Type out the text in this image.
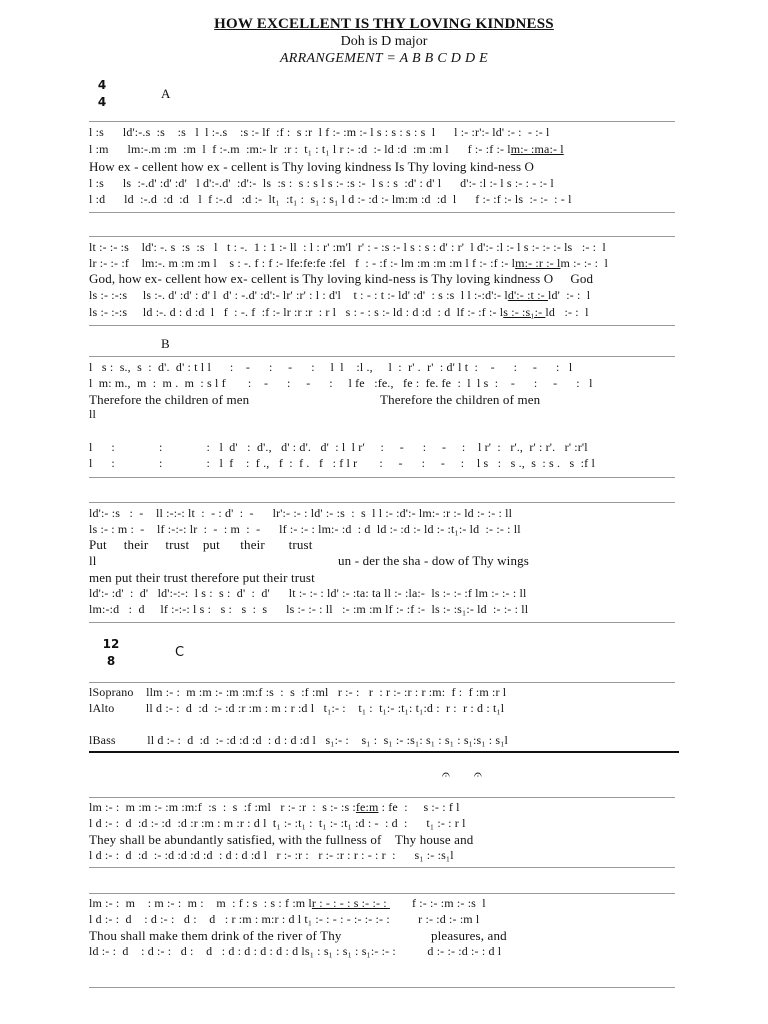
HOW EXCELLENT IS THY LOVING KINDNESS
Doh is D major
ARRANGEMENT = A B B C D D E
4
4
A
l :s      ld':-.s  :s    :s   l  l :-.s    :s :- lf  :f :  s :r  l f :- :m :- l s : s : s : s  l      l :- :r':- ld' :- :  - :- l
l :m      lm:-.m :m  :m  l  f :-.m  :m:- lr  :r :  t₁ : t₁ l r :- :d  :- ld :d  :m :m l      f :- :f :- lm:- :ma:- l
How ex - cellent how ex - cellent is Thy loving kindness Is Thy loving kind-ness O
l :s      ls  :-.d' :d' :d'   l d':-.d'  :d':-  ls  :s :  s : s l s :- :s :-  l s : s  :d' : d' l      d':- :l :- l s :- : - :- l
l :d      ld  :-.d  :d  :d   l  f :-.d   :d :-  lt₁  :t₁ :  s₁ : s₁ l d :- :d :- lm:m :d  :d  l      f :- :f :- ls  :- :-  : - l
lt :- :- :s    ld': -. s  :s  :s   l   t : -.  1 : 1 :- ll  : l : r' :m'l  r' : - :s :- l s : s : d' : r'  l d':- :l :- l s :- :- :- ls   :- :  l
lr :- :- :f    lm:-. m :m :m l    s : -. f : f :- lfe:fe:fe :fel   f  : - :f :- lm :m :m :m l f :- :f :- lm:- :r :- lm :- :- :  l
God, how ex- cellent how ex- cellent is Thy loving kind-ness is Thy loving kindness O     God
ls :- :-:s     ls :-. d' :d' : d' l  d' : -.d' :d':- lr' :r' : l : d'l    t : - : t :- ld' :d'  : s :s  l l :-:d':- ld':- :t :- ld'  :- :  l
ls :- :-:s     ld :-. d : d :d  l   f  : -. f  :f :- lr :r :r  : r l   s : - : s :- ld : d :d  : d  lf :- :f :- ls :- :s₁:- ld   :- :  l
B
l   s :  s.,  s  :  d'.  d' : t l l      :    -      :     -      :     l  l    :l .,     l  :  r' .  r'  : d' l t  :    -      :     -      :   l
l  m: m.,  m  :  m .  m  : s l f       :    -      :     -      :     l fe   :fe.,   fe :  fe. fe  :  l  l s  :    -      :     -      :   l
Therefore the children of men	Therefore the children of men
ll
l      :              :              :   l  d'   :  d'.,   d' : d'.   d'  : l  l r'     :     -      :     -     :    l r'  :   r'.,  r' : r'.   r' :r'l
l      :              :              :   l  f    :  f .,   f  :  f .   f   : f l r       :     -      :     -     :    l s   :   s .,  s  : s .   s  :f l
ld':- :s   :  -    ll :-:-: lt  :  - : d'  :  -      lr':- :- : ld' :- :s  :  s  l l :- :d':- lm:- :r :- ld :- :- : ll
ls :- : m :  -    lf :-:-: lr  :  -  : m  :  -      lf :- :- : lm:- :d  : d  ld :- :d :- ld :- :t₁:- ld  :- :- : ll
Put     their     trust    put      their       trust
ll	un - der the sha - dow of Thy wings
men put their trust therefore put their trust
ld':- :d'  :  d'   ld':-:-:  l s :  s :  d'  :  d'      lt :- :- : ld' :- :ta: ta ll :- :la:-  ls :- :- :f lm :- :- : ll
lm:-:d   :  d     lf :-:-: l s :   s :   s  :  s      ls :- :- : ll   :- :m :m lf :- :f :-  ls :- :s₁:- ld  :- :- : ll
12
8
C
lSoprano    llm :- :  m :m :- :m :m:f :s  :  s  :f :ml   r :- :   r  : r :- :r : r :m:  f :  f :m :r l
lAlto          ll d :- :  d  :d  :- :d :r :m : m : r :d l   t₁:- :    t₁ :  t₁:- :t₁: t₁:d :  r :  r : d : t₁l
lBass          ll d :- :  d  :d  :- :d :d :d  : d : d :d l   s₁:- :    s₁ :  s₁ :- :s₁: s₁ : s₁ : s₁:s₁ : s₁l
𝄐 𝄐
lm :- :  m :m :- :m :m:f  :s  :  s  :f :ml   r :- :r  :  s :- :s :fe:m : fe  :     s :- : f l
l d :- :  d  :d :- :d  :d :r :m : m :r : d l  t₁ :- :t₁ :  t₁ :- :t₁ :d : -  : d  :      t₁ :- : r l
They shall be abundantly satisfied, with the fullness of    Thy house and
l d :- :  d  :d  :- :d :d :d :d  : d : d :d l   r :- :r :   r :- :r : r : - : r  :      s₁ :- :s₁l
lm :- :  m    : m :- :  m :    m  : f : s  : s : f :m lr : - : - : s :- :- :        f :- :- :m :- :s  l
l d :- :  d    : d :- :   d :    d   : r :m : m:r : d l t₁ :- : - : - :- :- :- :         r :- :d :- :m l
Thou shall make them drink of the river of Thy	pleasures, and
ld :- :  d    : d :- :   d :    d   : d : d : d : d : d ls₁ : s₁ : s₁ : s₁:- :- :          d :- :- :d :- : d l
